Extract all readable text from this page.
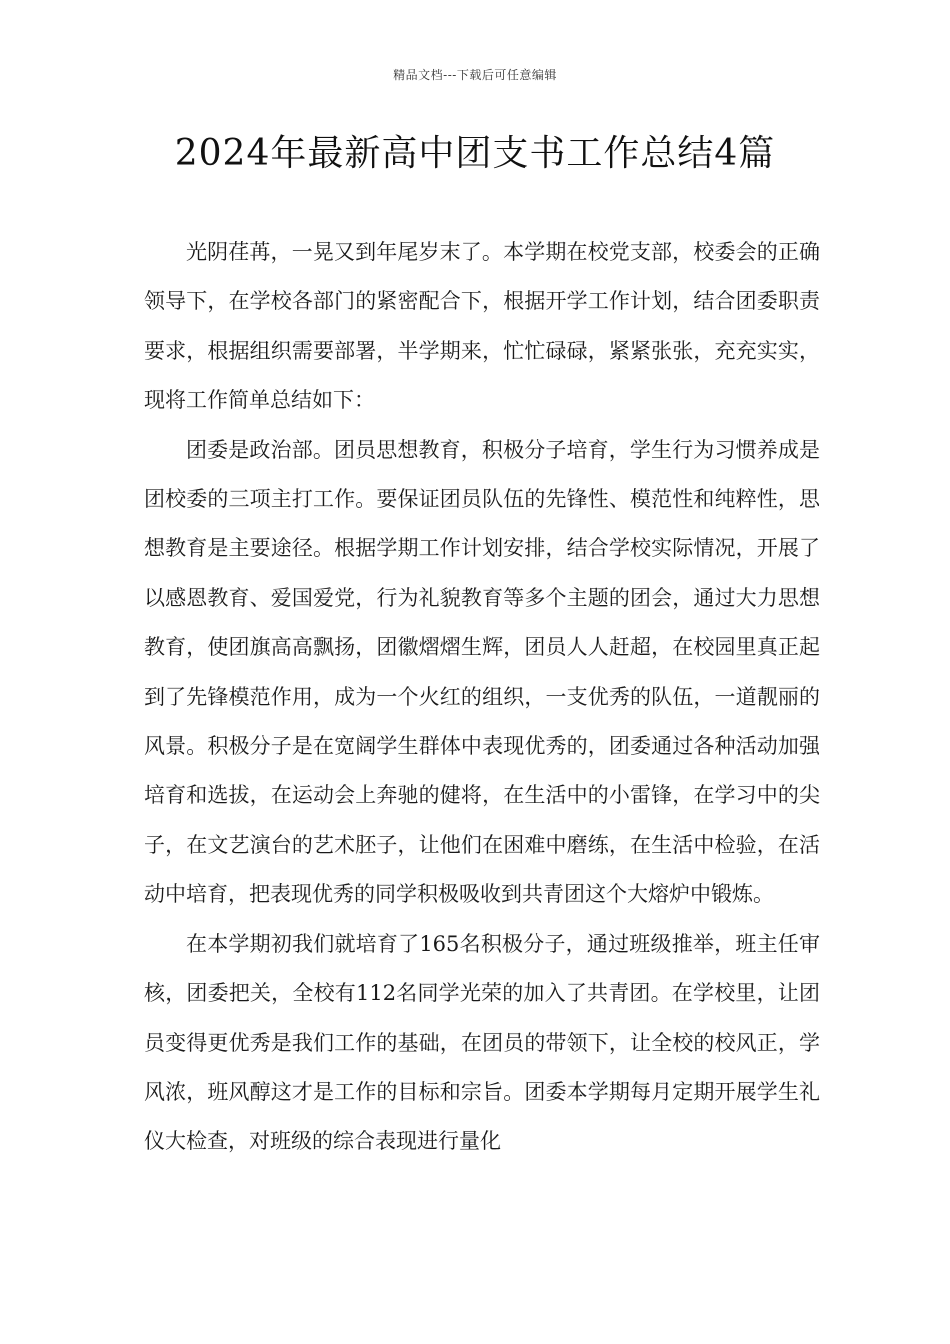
精品文档---下载后可任意编辑
2024年最新高中团支书工作总结4篇

光阴荏苒，一晃又到年尾岁末了。本学期在校党支部，校委会的正确领导下，在学校各部门的紧密配合下，根据开学工作计划，结合团委职责要求，根据组织需要部署，半学期来，忙忙碌碌，紧紧张张，充充实实，现将工作简单总结如下：

团委是政治部。团员思想教育，积极分子培育，学生行为习惯养成是团校委的三项主打工作。要保证团员队伍的先锋性、模范性和纯粹性，思想教育是主要途径。根据学期工作计划安排，结合学校实际情况，开展了以感恩教育、爱国爱党，行为礼貌教育等多个主题的团会，通过大力思想教育，使团旗高高飘扬，团徽熠熠生辉，团员人人赶超，在校园里真正起到了先锋模范作用，成为一个火红的组织，一支优秀的队伍，一道靓丽的风景。积极分子是在宽阔学生群体中表现优秀的，团委通过各种活动加强培育和选拔，在运动会上奔驰的健将，在生活中的小雷锋，在学习中的尖子，在文艺演台的艺术胚子，让他们在困难中磨练，在生活中检验，在活动中培育，把表现优秀的同学积极吸收到共青团这个大熔炉中锻炼。

在本学期初我们就培育了165名积极分子，通过班级推举，班主任审核，团委把关，全校有112名同学光荣的加入了共青团。在学校里，让团员变得更优秀是我们工作的基础，在团员的带领下，让全校的校风正，学风浓，班风醇这才是工作的目标和宗旨。团委本学期每月定期开展学生礼仪大检查，对班级的综合表现进行量化
